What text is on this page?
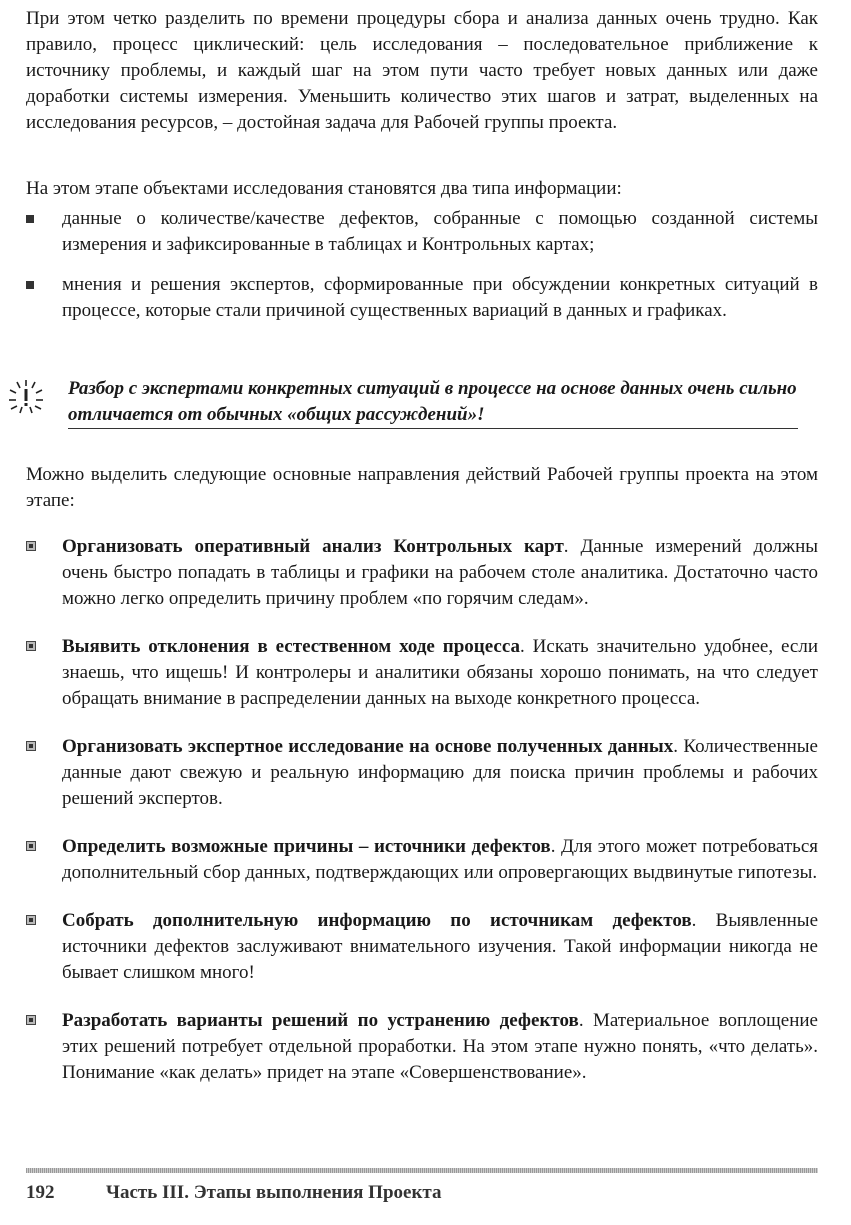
При этом четко разделить по времени процедуры сбора и анализа данных очень трудно. Как правило, процесс циклический: цель исследования – последовательное приближение к источнику проблемы, и каждый шаг на этом пути часто требует новых данных или даже доработки системы измерения. Уменьшить количество этих шагов и затрат, выделенных на исследования ресурсов, – достойная задача для Рабочей группы проекта.

На этом этапе объектами исследования становятся два типа информации:

данные о количестве/качестве дефектов, собранные с помощью созданной системы измерения и зафиксированные в таблицах и Контрольных картах;

мнения и решения экспертов, сформированные при обсуждении конкретных ситуаций в процессе, которые стали причиной существенных вариаций в данных и графиках.

Разбор с экспертами конкретных ситуаций в процессе на основе данных очень сильно отличается от обычных «общих рассуждений»!

Можно выделить следующие основные направления действий Рабочей группы проекта на этом этапе:

Организовать оперативный анализ Контрольных карт. Данные измерений должны очень быстро попадать в таблицы и графики на рабочем столе аналитика. Достаточно часто можно легко определить причину проблем «по горячим следам».

Выявить отклонения в естественном ходе процесса. Искать значительно удобнее, если знаешь, что ищешь! И контролеры и аналитики обязаны хорошо понимать, на что следует обращать внимание в распределении данных на выходе конкретного процесса.

Организовать экспертное исследование на основе полученных данных. Количественные данные дают свежую и реальную информацию для поиска причин проблемы и рабочих решений экспертов.

Определить возможные причины – источники дефектов. Для этого может потребоваться дополнительный сбор данных, подтверждающих или опровергающих выдвинутые гипотезы.

Собрать дополнительную информацию по источникам дефектов. Выявленные источники дефектов заслуживают внимательного изучения. Такой информации никогда не бывает слишком много!

Разработать варианты решений по устранению дефектов. Материальное воплощение этих решений потребует отдельной проработки. На этом этапе нужно понять, «что делать». Понимание «как делать» придет на этапе «Совершенствование».

192	Часть III. Этапы выполнения Проекта
